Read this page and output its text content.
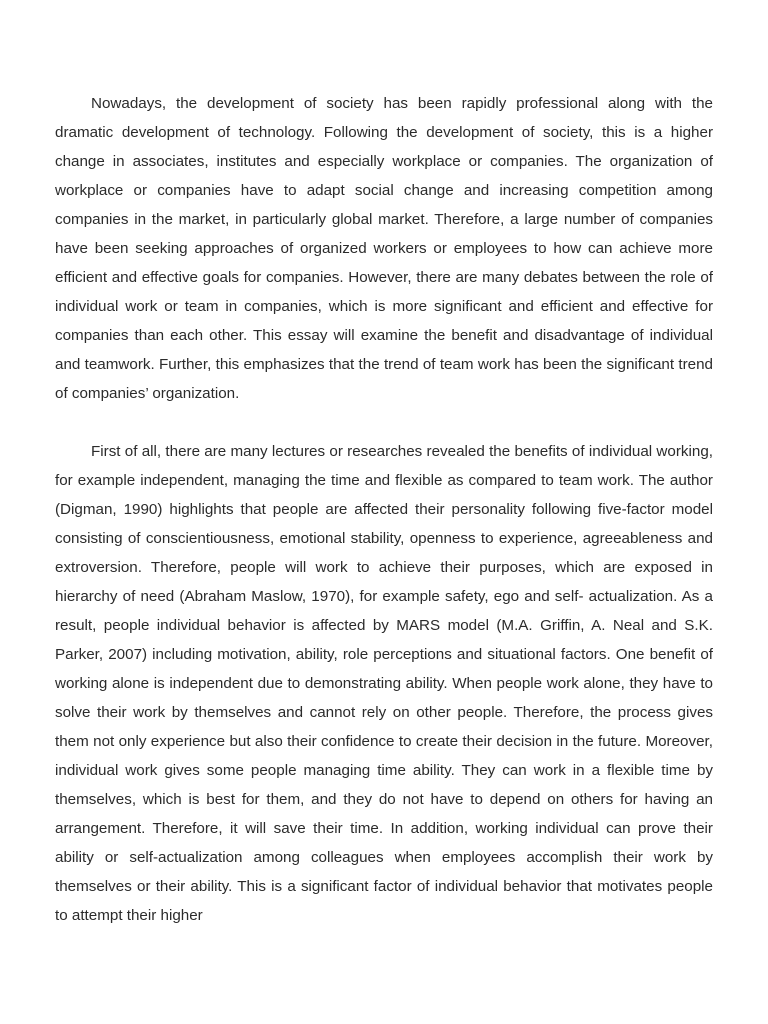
Nowadays, the development of society has been rapidly professional along with the dramatic development of technology. Following the development of society, this is a higher change in associates, institutes and especially workplace or companies. The organization of workplace or companies have to adapt social change and increasing competition among companies in the market, in particularly global market. Therefore, a large number of companies have been seeking approaches of organized workers or employees to how can achieve more efficient and effective goals for companies. However, there are many debates between the role of individual work or team in companies, which is more significant and efficient and effective for companies than each other. This essay will examine the benefit and disadvantage of individual and teamwork. Further, this emphasizes that the trend of team work has been the significant trend of companies’ organization.

First of all, there are many lectures or researches revealed the benefits of individual working, for example independent, managing the time and flexible as compared to team work. The author (Digman, 1990) highlights that people are affected their personality following five-factor model consisting of conscientiousness, emotional stability, openness to experience, agreeableness and extroversion. Therefore, people will work to achieve their purposes, which are exposed in hierarchy of need (Abraham Maslow, 1970), for example safety, ego and self- actualization. As a result, people individual behavior is affected by MARS model (M.A. Griffin, A. Neal and S.K. Parker, 2007) including motivation, ability, role perceptions and situational factors. One benefit of working alone is independent due to demonstrating ability. When people work alone, they have to solve their work by themselves and cannot rely on other people. Therefore, the process gives them not only experience but also their confidence to create their decision in the future. Moreover, individual work gives some people managing time ability. They can work in a flexible time by themselves, which is best for them, and they do not have to depend on others for having an arrangement. Therefore, it will save their time. In addition, working individual can prove their ability or self-actualization among colleagues when employees accomplish their work by themselves or their ability. This is a significant factor of individual behavior that motivates people to attempt their higher
